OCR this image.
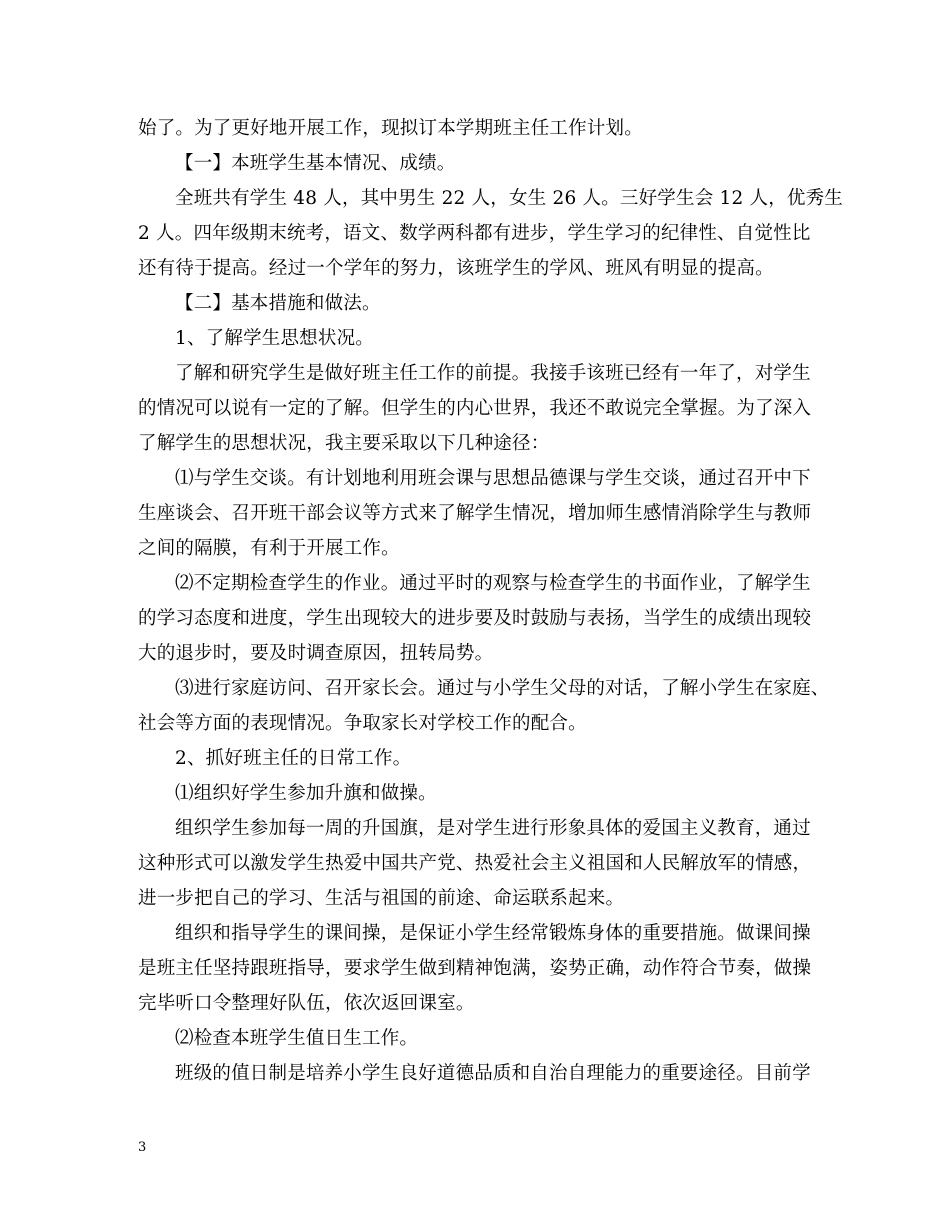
始了。为了更好地开展工作，现拟订本学期班主任工作计划。
【一】本班学生基本情况、成绩。
全班共有学生 48 人，其中男生 22 人，女生 26 人。三好学生会 12 人，优秀生
2 人。四年级期末统考，语文、数学两科都有进步，学生学习的纪律性、自觉性比
还有待于提高。经过一个学年的努力，该班学生的学风、班风有明显的提高。
【二】基本措施和做法。
1、了解学生思想状况。
了解和研究学生是做好班主任工作的前提。我接手该班已经有一年了，对学生
的情况可以说有一定的了解。但学生的内心世界，我还不敢说完全掌握。为了深入
了解学生的思想状况，我主要采取以下几种途径：
⑴与学生交谈。有计划地利用班会课与思想品德课与学生交谈，通过召开中下
生座谈会、召开班干部会议等方式来了解学生情况，增加师生感情消除学生与教师
之间的隔膜，有利于开展工作。
⑵不定期检查学生的作业。通过平时的观察与检查学生的书面作业，了解学生
的学习态度和进度，学生出现较大的进步要及时鼓励与表扬，当学生的成绩出现较
大的退步时，要及时调查原因，扭转局势。
⑶进行家庭访问、召开家长会。通过与小学生父母的对话，了解小学生在家庭、
社会等方面的表现情况。争取家长对学校工作的配合。
2、抓好班主任的日常工作。
⑴组织好学生参加升旗和做操。
组织学生参加每一周的升国旗，是对学生进行形象具体的爱国主义教育，通过
这种形式可以激发学生热爱中国共产党、热爱社会主义祖国和人民解放军的情感，
进一步把自己的学习、生活与祖国的前途、命运联系起来。
组织和指导学生的课间操，是保证小学生经常锻炼身体的重要措施。做课间操
是班主任坚持跟班指导，要求学生做到精神饱满，姿势正确，动作符合节奏，做操
完毕听口令整理好队伍，依次返回课室。
⑵检查本班学生值日生工作。
班级的值日制是培养小学生良好道德品质和自治自理能力的重要途径。目前学
3
